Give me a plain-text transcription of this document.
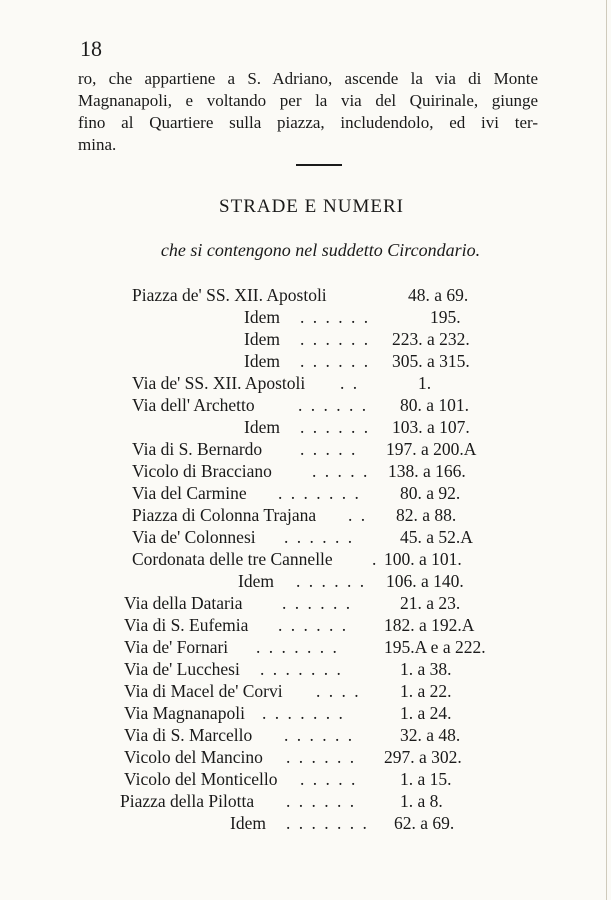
18
ro, che appartiene a S. Adriano, ascende la via di Monte
Magnanapoli, e voltando per la via del Quirinale, giunge
fino al Quartiere sulla piazza, includendolo, ed ivi ter-
mina.
STRADE E NUMERI
che si contengono nel suddetto Circondario.
Piazza de' SS. XII. Apostoli	48. a 69.
Idem . . . . . .	195.
Idem . . . . . . 223. a 232.
Idem . . . . . . 305. a 315.
Via de' SS. XII. Apostoli . .	1.
Via dell' Archetto . . . . . . 80. a 101.
Idem . . . . . . 103. a 107.
Via di S. Bernardo . . . . . 197. a 200.A
Vicolo di Bracciano . . . . . 138. a 166.
Via del Carmine . . . . . . . 80. a 92.
Piazza di Colonna Trajana . . 82. a 88.
Via de' Colonnesi . . . . . .	45. a 52.A
Cordonata delle tre Cannelle . 100. a 101.
Idem . . . . . . 106. a 140.
Via della Dataria . . . . . .	21. a 23.
Via di S. Eufemia . . . . . . 182. a 192.A
Via de' Fornari . . . . . . .	195.A e a 222.
Via de' Lucchesi . . . . . . .	1. a 38.
Via di Macel de' Corvi . . . . 1. a 22.
Via Magnanapoli . . . . . . .	1. a 24.
Via di S. Marcello . . . . . .	32. a 48.
Vicolo del Mancino . . . . . . 297. a 302.
Vicolo del Monticello . . . . . 1. a 15.
Piazza della Pilotta . . . . . .	1. a 8.
Idem . . . . . . . 62. a 69.
